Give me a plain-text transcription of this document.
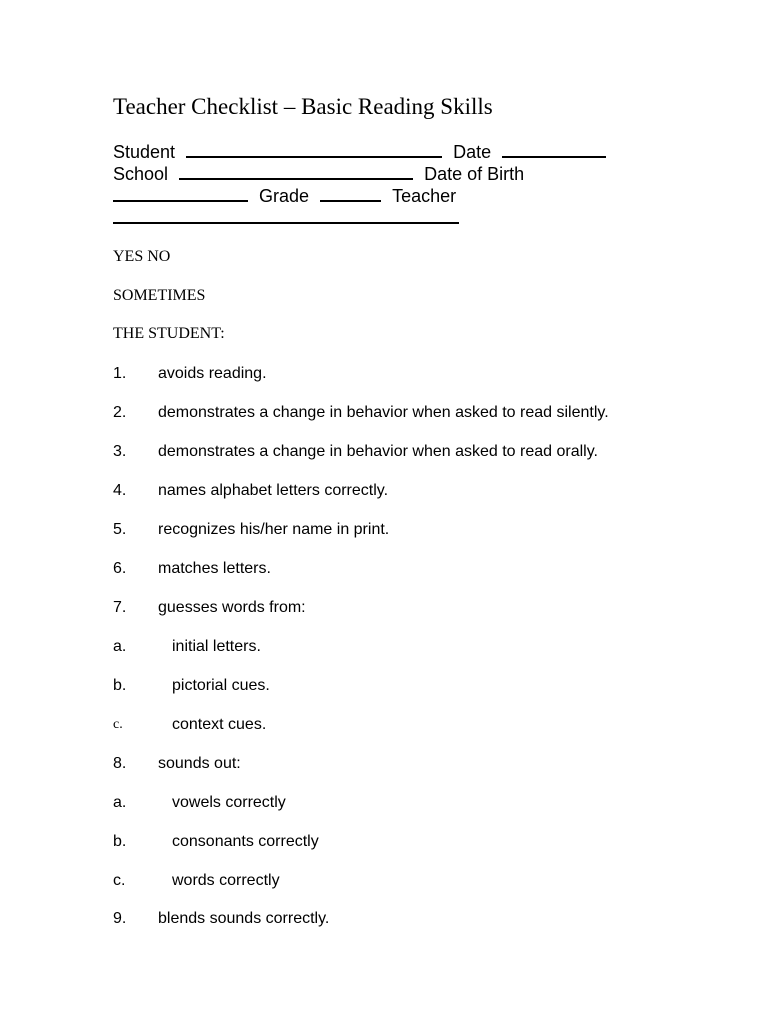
Teacher Checklist – Basic Reading Skills
Student	Date
School	Date of Birth
Grade	Teacher
YES NO
SOMETIMES
THE STUDENT:
1. avoids reading.
2. demonstrates a change in behavior when asked to read silently.
3. demonstrates a change in behavior when asked to read orally.
4. names alphabet letters correctly.
5. recognizes his/her name in print.
6. matches letters.
7. guesses words from:
a.	initial letters.
b.	pictorial cues.
c.	context cues.
8. sounds out:
a.	vowels correctly
b.	consonants correctly
c.	words correctly
9. blends sounds correctly.
